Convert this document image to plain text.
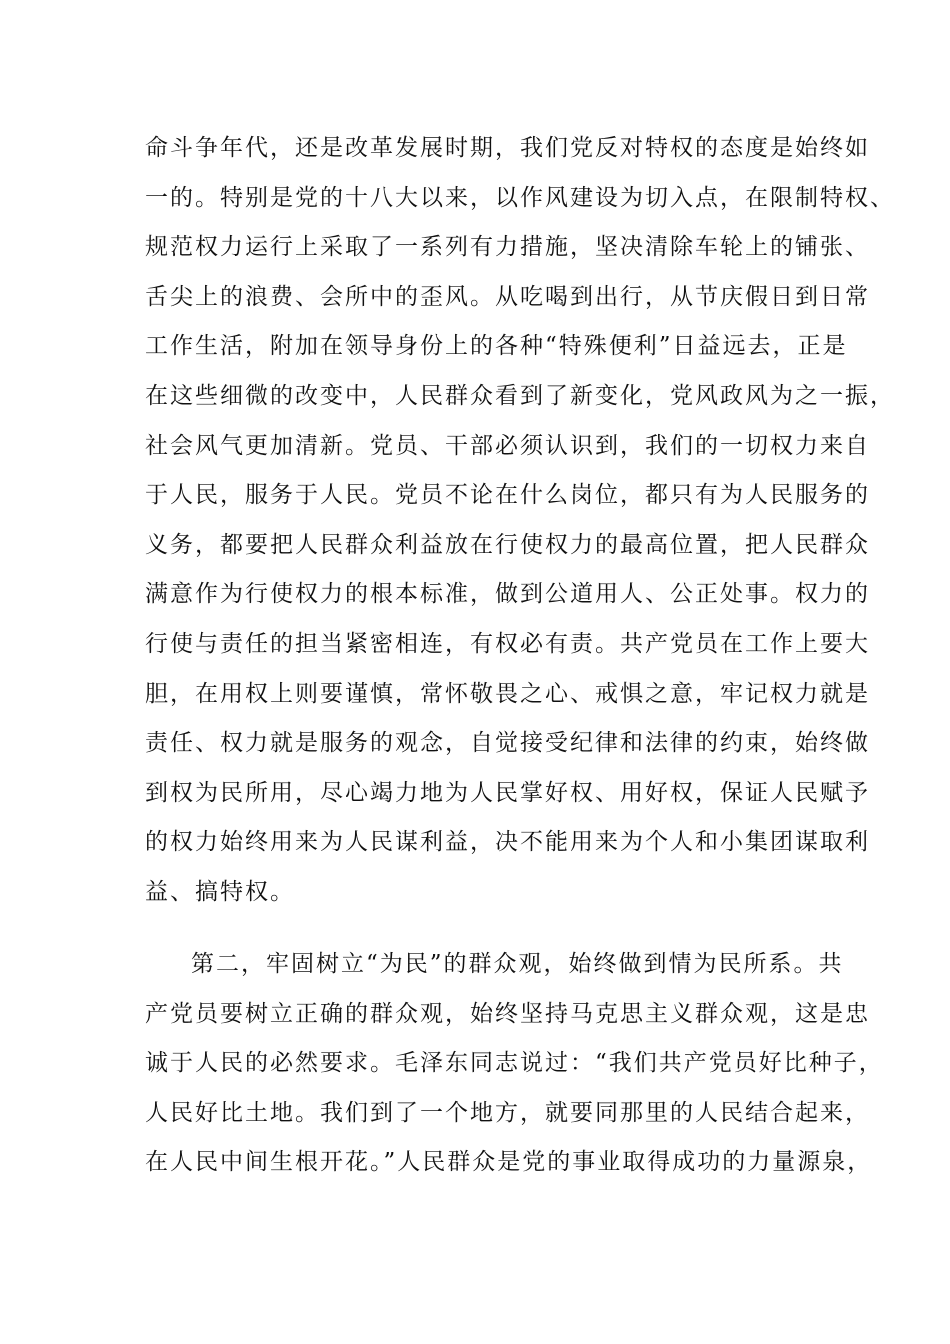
命斗争年代，还是改革发展时期，我们党反对特权的态度是始终如
一的。特别是党的十八大以来，以作风建设为切入点，在限制特权、
规范权力运行上采取了一系列有力措施，坚决清除车轮上的铺张、
舌尖上的浪费、会所中的歪风。从吃喝到出行，从节庆假日到日常
工作生活，附加在领导身份上的各种“特殊便利”日益远去，正是
在这些细微的改变中，人民群众看到了新变化，党风政风为之一振，
社会风气更加清新。党员、干部必须认识到，我们的一切权力来自
于人民，服务于人民。党员不论在什么岗位，都只有为人民服务的
义务，都要把人民群众利益放在行使权力的最高位置，把人民群众
满意作为行使权力的根本标准，做到公道用人、公正处事。权力的
行使与责任的担当紧密相连，有权必有责。共产党员在工作上要大
胆，在用权上则要谨慎，常怀敬畏之心、戒惧之意，牢记权力就是
责任、权力就是服务的观念，自觉接受纪律和法律的约束，始终做
到权为民所用，尽心竭力地为人民掌好权、用好权，保证人民赋予
的权力始终用来为人民谋利益，决不能用来为个人和小集团谋取利
益、搞特权。
第二，牢固树立“为民”的群众观，始终做到情为民所系。共
产党员要树立正确的群众观，始终坚持马克思主义群众观，这是忠
诚于人民的必然要求。毛泽东同志说过：“我们共产党员好比种子，
人民好比土地。我们到了一个地方，就要同那里的人民结合起来，
在人民中间生根开花。”人民群众是党的事业取得成功的力量源泉，
